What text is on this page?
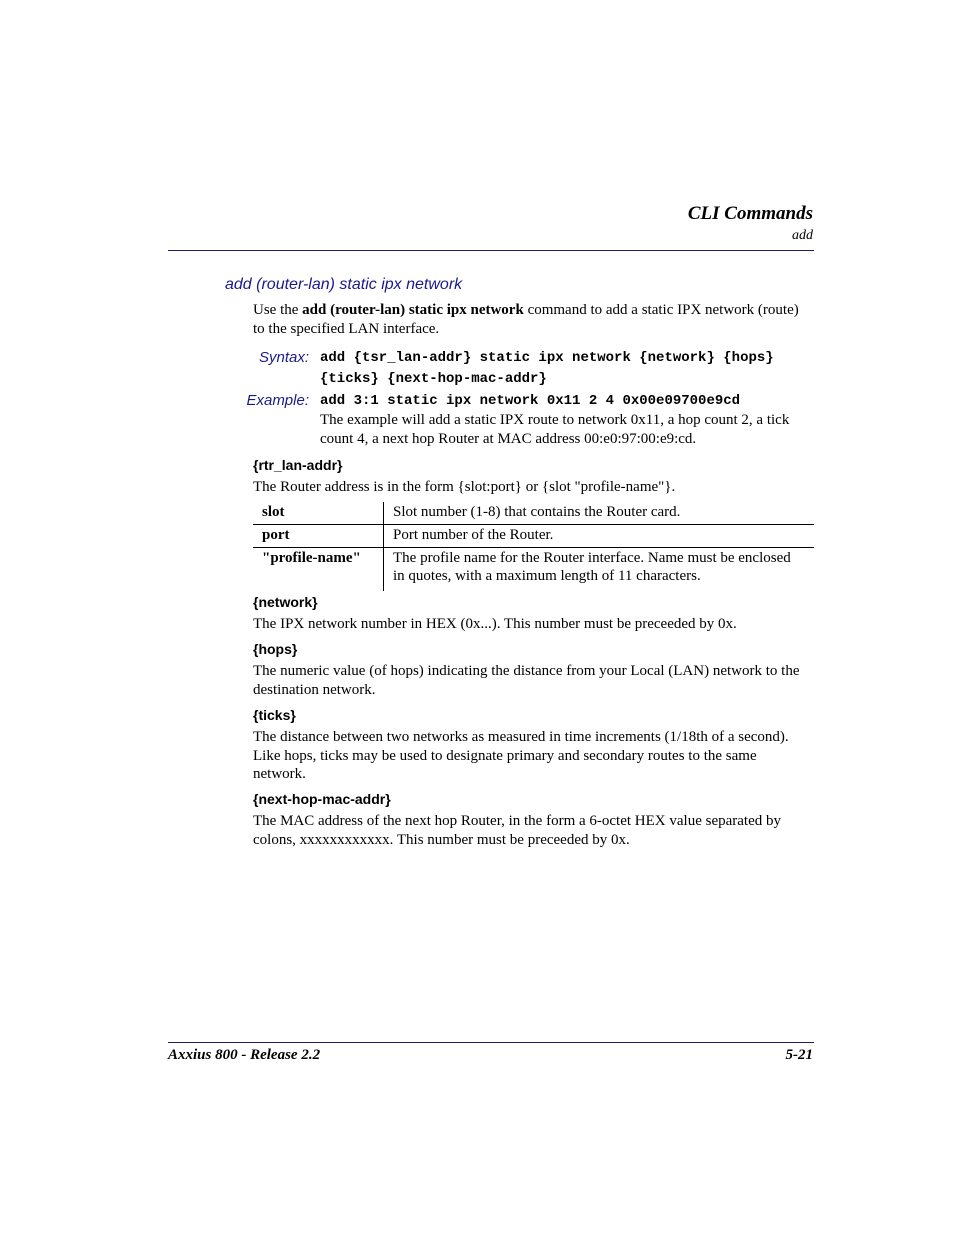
CLI Commands
add
add (router-lan) static ipx network
Use the add (router-lan) static ipx network command to add a static IPX network (route)
to the specified LAN interface.
Syntax: add {tsr_lan-addr} static ipx network {network} {hops}
{ticks} {next-hop-mac-addr}
Example: add 3:1 static ipx network 0x11 2 4 0x00e09700e9cd
The example will add a static IPX route to network 0x11, a hop count 2, a tick
count 4, a next hop Router at MAC address 00:e0:97:00:e9:cd.
{rtr_lan-addr}
The Router address is in the form {slot:port} or {slot "profile-name"}.
slot	Slot number (1-8) that contains the Router card.
port	Port number of the Router.
"profile-name"	The profile name for the Router interface. Name must be enclosed
in quotes, with a maximum length of 11 characters.
{network}
The IPX network number in HEX (0x...). This number must be preceeded by 0x.
{hops}
The numeric value (of hops) indicating the distance from your Local (LAN) network to the
destination network.
{ticks}
The distance between two networks as measured in time increments (1/18th of a second).
Like hops, ticks may be used to designate primary and secondary routes to the same
network.
{next-hop-mac-addr}
The MAC address of the next hop Router, in the form a 6-octet HEX value separated by
colons, xxxxxxxxxxxx. This number must be preceeded by 0x.
Axxius 800 - Release 2.2	5-21
